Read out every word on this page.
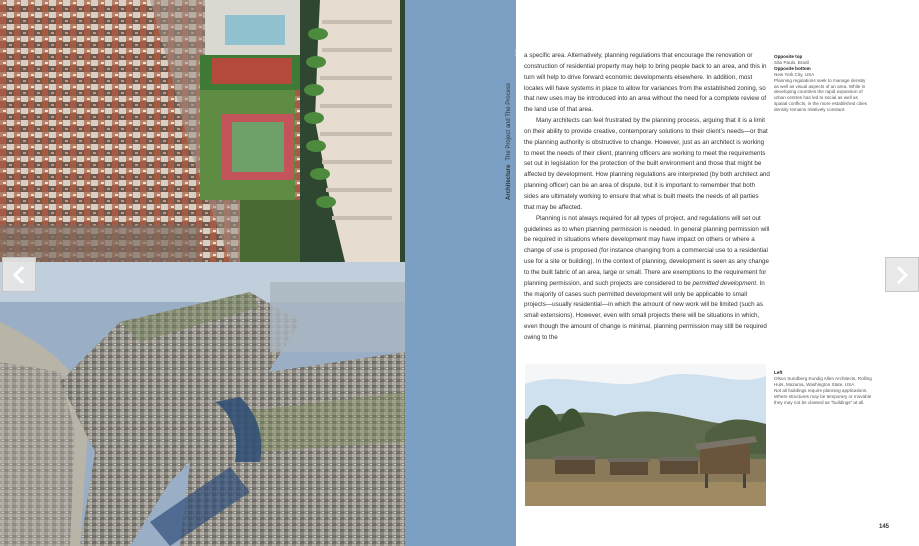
5.
ArchitectureThe Project and The Process

a specific area. Alternatively, planning regulations that encourage the renovation or construction of residential property may help to bring people back to an area, and this in turn will help to drive forward economic developments elsewhere. In addition, most locales will have systems in place to allow for variances from the established zoning, so that new uses may be introduced into an area without the need for a complete review of the land use of that area.

Many architects can feel frustrated by the planning process, arguing that it is a limit on their ability to provide creative, contemporary solutions to their client’s needs—or that the planning authority is obstructive to change. However, just as an architect is working to meet the needs of their client, planning officers are working to meet the requirements set out in legislation for the protection of the built environment and those that might be affected by development. How planning regulations are interpreted (by both architect and planning officer) can be an area of dispute, but it is important to remember that both sides are ultimately working to ensure that what is built meets the needs of all parties that may be affected.

Planning is not always required for all types of project, and regulations will set out guidelines as to when planning permission is needed. In general planning permission will be required in situations where development may have impact on others or where a change of use is proposed (for instance changing from a commercial use to a residential use for a site or building). In the context of planning, development is seen as any change to the built fabric of an area, large or small. There are exemptions to the requirement for planning permission, and such projects are considered to be permitted development. In the majority of cases such permitted development will only be applicable to small projects—usually residential—in which the amount of new work will be limited (such as small extensions). However, even with small projects there will be situations in which, even though the amount of change is minimal, planning permission may still be required owing to the

Opposite top
São Paulo, Brazil
Opposite bottom
New York City, USA
Planning regulations seek to manage density as well as visual aspects of an area. While in developing countries the rapid expansion of urban centres has led to social as well as spatial conflicts, in the more established cities density remains relatively constant.
Left
Olson Sundberg Kundig Allen Architects, Rolling Huts, Mazama, Washington State, USA
Not all buildings require planning applications. Where structures may be temporary or movable they may not be classed as “buildings” at all.
145
